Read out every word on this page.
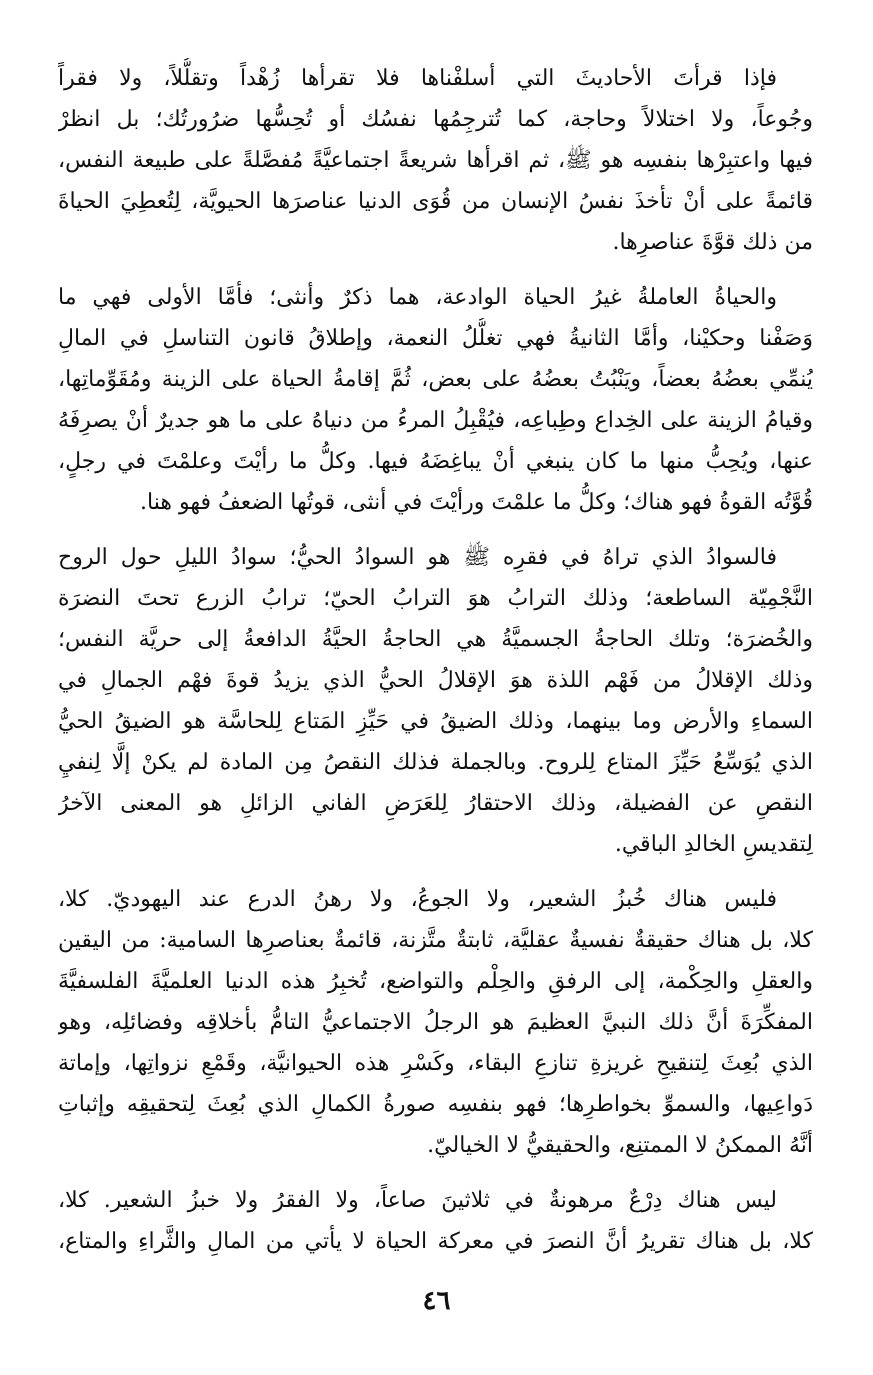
فإذا قرأتَ الأحاديثَ التي أسلفْناها فلا تقرأها زُهْداً وتقلُّلاً، ولا فقراً
وجُوعاً، ولا اختلالاً وحاجة، كما تُترجِمُها نفسُك أو تُحِسُّها ضرُورتُك؛ بل انظرْ
فيها واعتبِرْها بنفسِه هو ﷺ، ثم اقرأها شريعةً اجتماعيَّةً مُفصَّلةً على طبيعة النفس،
قائمةً على أنْ تأخذَ نفسُ الإنسان من قُوَى الدنيا عناصرَها الحيويَّة، لِتُعطِيَ الحياةَ
من ذلك قوَّةَ عناصرِها.
والحياةُ العاملةُ غيرُ الحياة الوادعة، هما ذكرٌ وأنثى؛ فأمَّا الأولى فهي ما
وَصَفْنا وحكيْنا، وأمَّا الثانيةُ فهي تغلُّلُ النعمة، وإطلاقُ قانون التناسلِ في المالِ
يُنمِّي بعضُهُ بعضاً، ويَنْبُتُ بعضُهُ على بعض، ثُمَّ إقامةُ الحياة على الزينة ومُقَوِّماتِها،
وقيامُ الزينة على الخِداع وطِباعِه، فيُقْبِلُ المرءُ من دنياهُ على ما هو جديرٌ أنْ يصرِفَهُ
عنها، ويُحِبُّ منها ما كان ينبغي أنْ يباغِضَهُ فيها. وكلُّ ما رأيْتَ وعلمْتَ في رجلٍ،
قُوَّتُه القوةُ فهو هناك؛ وكلُّ ما علمْتَ ورأيْتَ في أنثى، قوتُها الضعفُ فهو هنا.
فالسوادُ الذي تراهُ في فقرِه ﷺ هو السوادُ الحيُّ؛ سوادُ الليلِ حول الروح
النَّجْمِيّة الساطعة؛ وذلك الترابُ هوَ الترابُ الحيّ؛ ترابُ الزرع تحتَ النضرَة
والخُضرَة؛ وتلك الحاجةُ الجسميَّةُ هي الحاجةُ الحيَّةُ الدافعةُ إلى حريَّة النفس؛
وذلك الإقلالُ من فَهْم اللذة هوَ الإقلالُ الحيُّ الذي يزيدُ قوةَ فهْم الجمالِ في
السماءِ والأرض وما بينهما، وذلك الضيقُ في حَيِّزِ المَتاع لِلحاسَّة هو الضيقُ الحيُّ
الذي يُوَسِّعُ حَيِّزَ المتاع لِلروح. وبالجملة فذلك النقصُ مِن المادة لم يكنْ إلَّا لِنفيِ
النقصِ عن الفضيلة، وذلك الاحتقارُ لِلعَرَضِ الفاني الزائلِ هو المعنى الآخرُ
لِتقديسِ الخالدِ الباقي.
فليس هناك خُبزُ الشعير، ولا الجوعُ، ولا رهنُ الدرع عند اليهوديّ. كلا،
كلا، بل هناك حقيقةٌ نفسيةٌ عقليَّة، ثابتةٌ متَّزنة، قائمةٌ بعناصرِها السامية: من اليقين
والعقلِ والحِكْمة، إلى الرفقِ والحِلْم والتواضع، تُخبِرُ هذه الدنيا العلميَّةَ الفلسفيَّةَ
المفكِّرَةَ أنَّ ذلك النبيَّ العظيمَ هو الرجلُ الاجتماعيُّ التامُّ بأخلاقِه وفضائلِه، وهو
الذي بُعِثَ لِتنقيحِ غريزةِ تنازعِ البقاء، وكَسْرِ هذه الحيوانيَّة، وقَمْعِ نزواتِها، وإماتة
دَواعِيها، والسموِّ بخواطرِها؛ فهو بنفسِه صورةُ الكمالِ الذي بُعِثَ لِتحقيقِه وإثباتِ
أنَّهُ الممكنُ لا الممتنِع، والحقيقيُّ لا الخياليّ.
ليس هناك دِرْعٌ مرهونةٌ في ثلاثينَ صاعاً، ولا الفقرُ ولا خبزُ الشعير. كلا،
كلا، بل هناك تقريرُ أنَّ النصرَ في معركة الحياة لا يأتي من المالِ والثَّراءِ والمتاع،
٤٦
